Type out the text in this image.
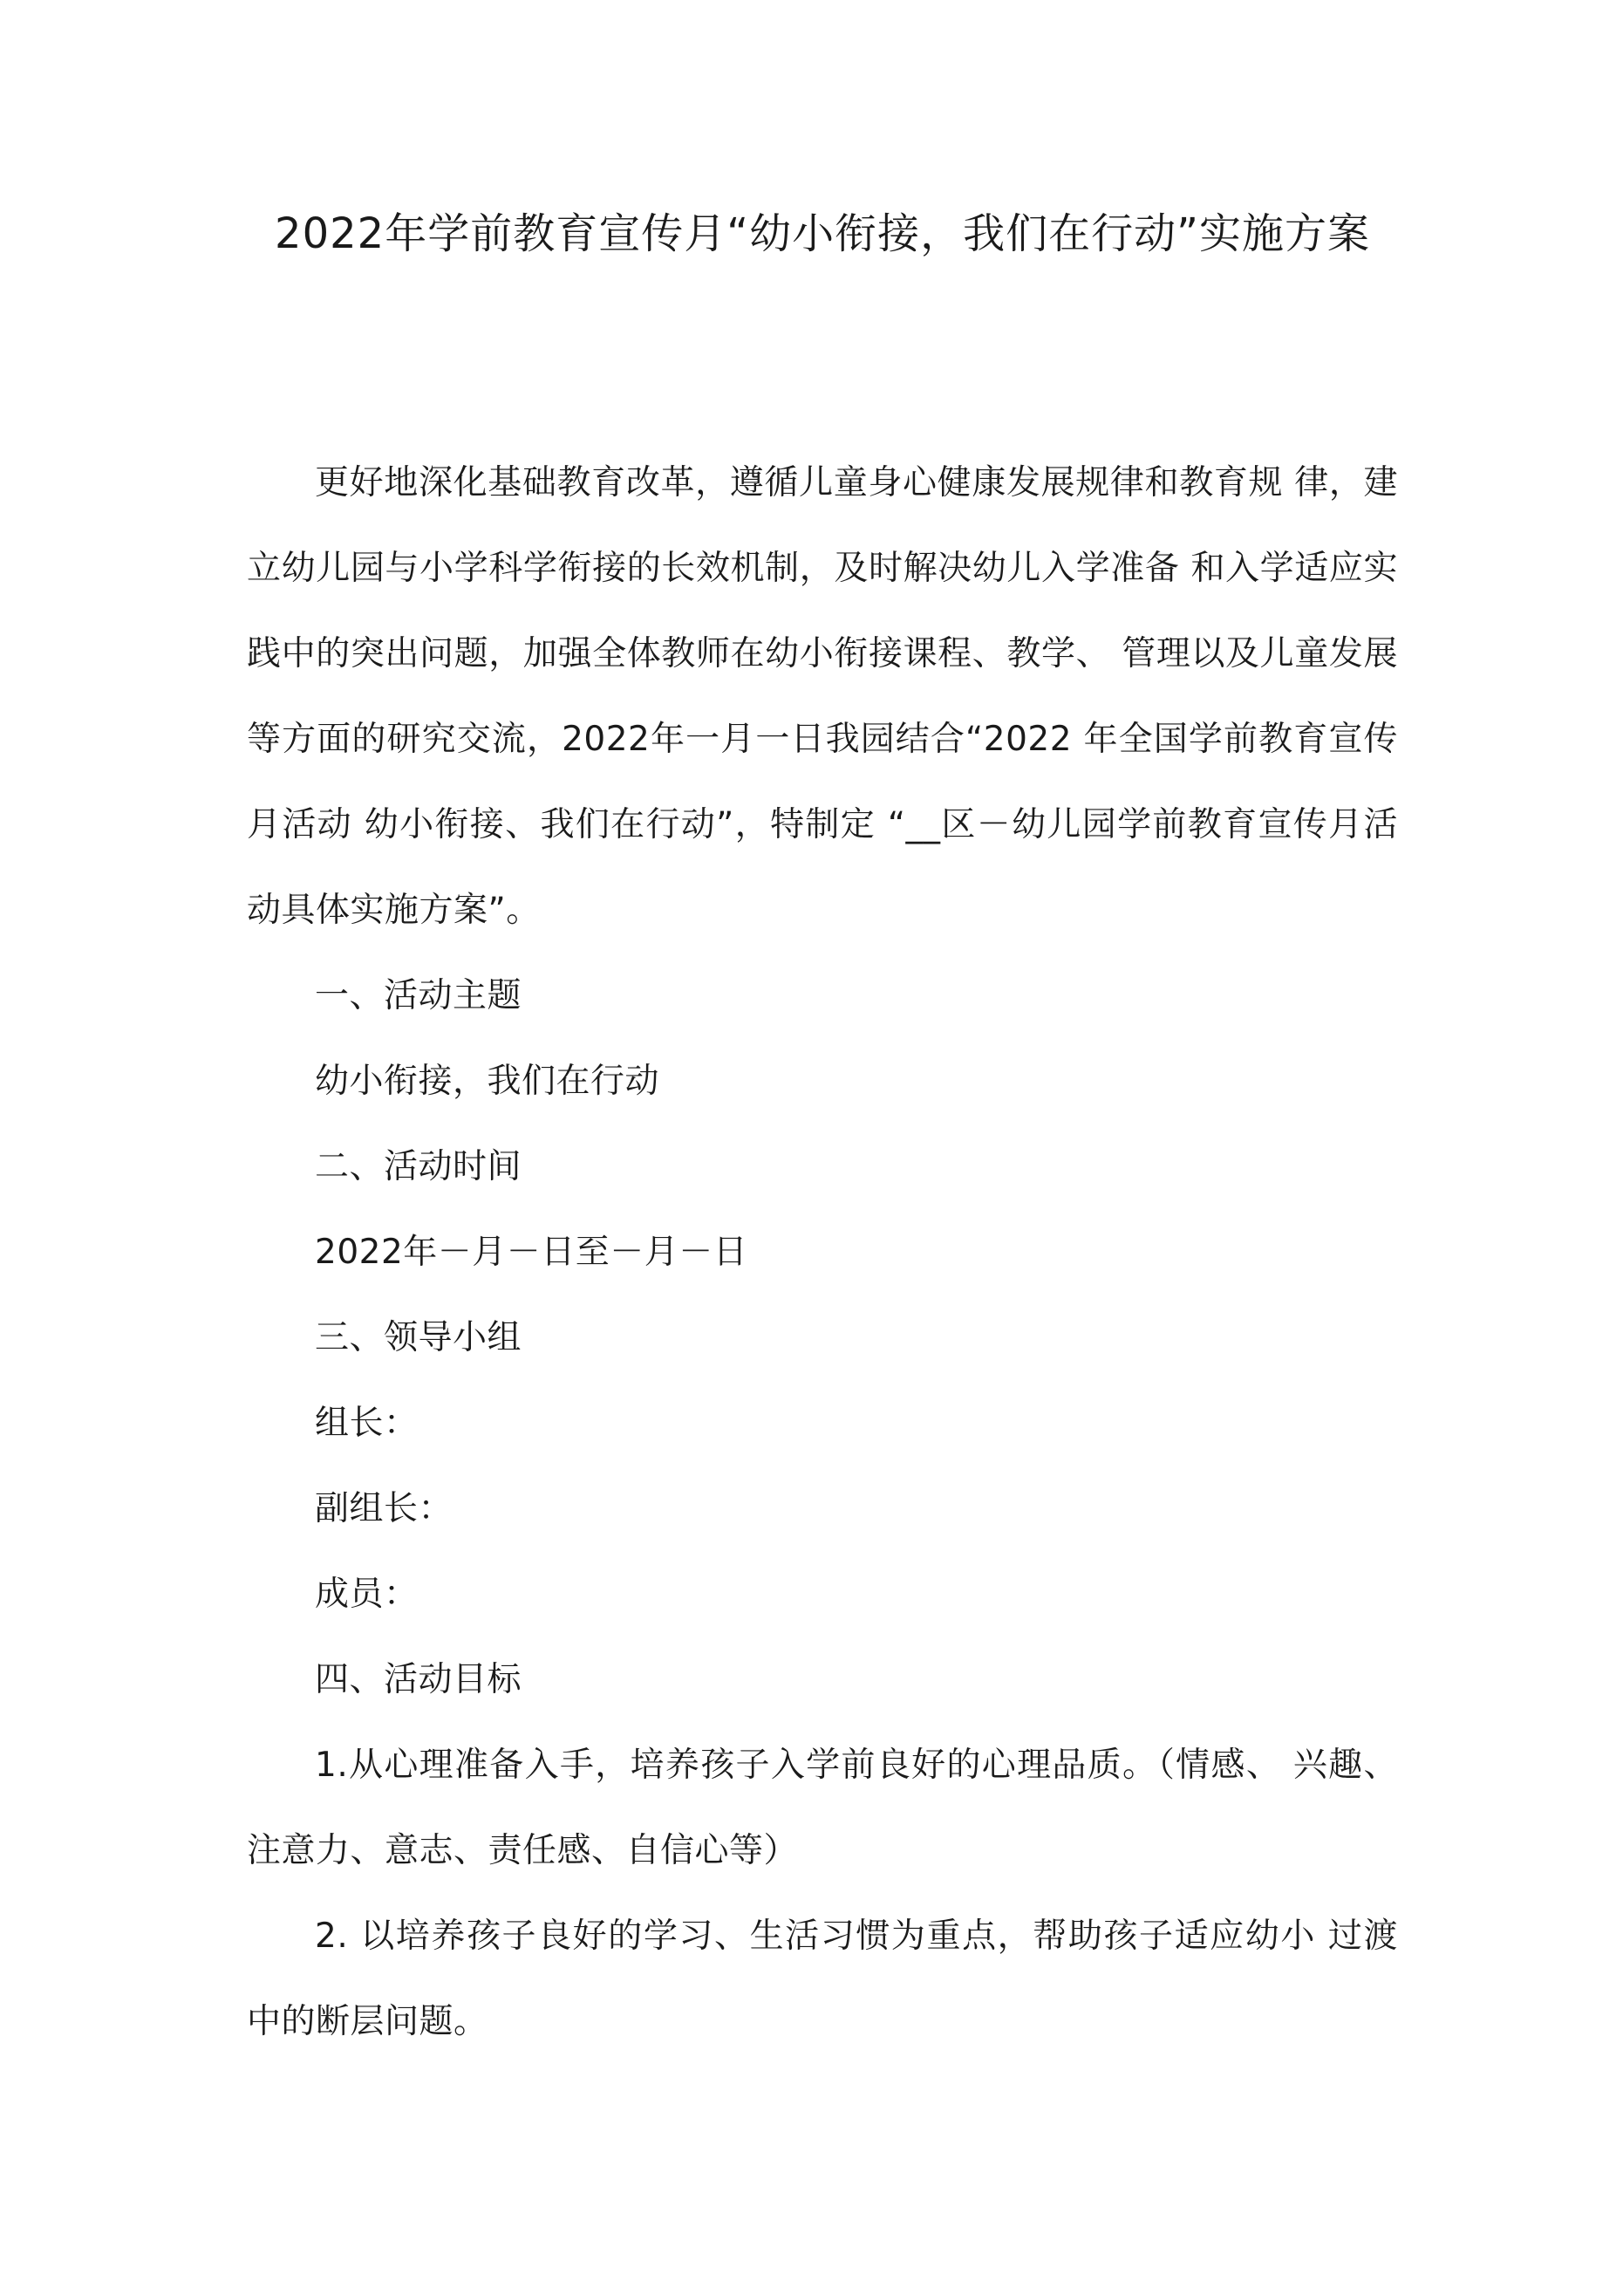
2022年学前教育宣传月“幼小衔接，我们在行动”实施方案

更好地深化基础教育改革，遵循儿童身心健康发展规律和教育规 律，建立幼儿园与小学科学衔接的长效机制，及时解决幼儿入学准备 和入学适应实践中的突出问题，加强全体教师在幼小衔接课程、教学、 管理以及儿童发展等方面的研究交流，2022年一月一日我园结合“2022 年全国学前教育宣传月活动 幼小衔接、我们在行动”，特制定 “__区－幼儿园学前教育宣传月活动具体实施方案”。

一、活动主题

幼小衔接，我们在行动

二、活动时间

2022年－月－日至－月－日

三、领导小组

组长：

副组长：

成员：

四、活动目标

1.从心理准备入手，培养孩子入学前良好的心理品质。（情感、 兴趣、注意力、意志、责任感、自信心等）

2. 以培养孩子良好的学习、生活习惯为重点，帮助孩子适应幼小 过渡中的断层问题。
